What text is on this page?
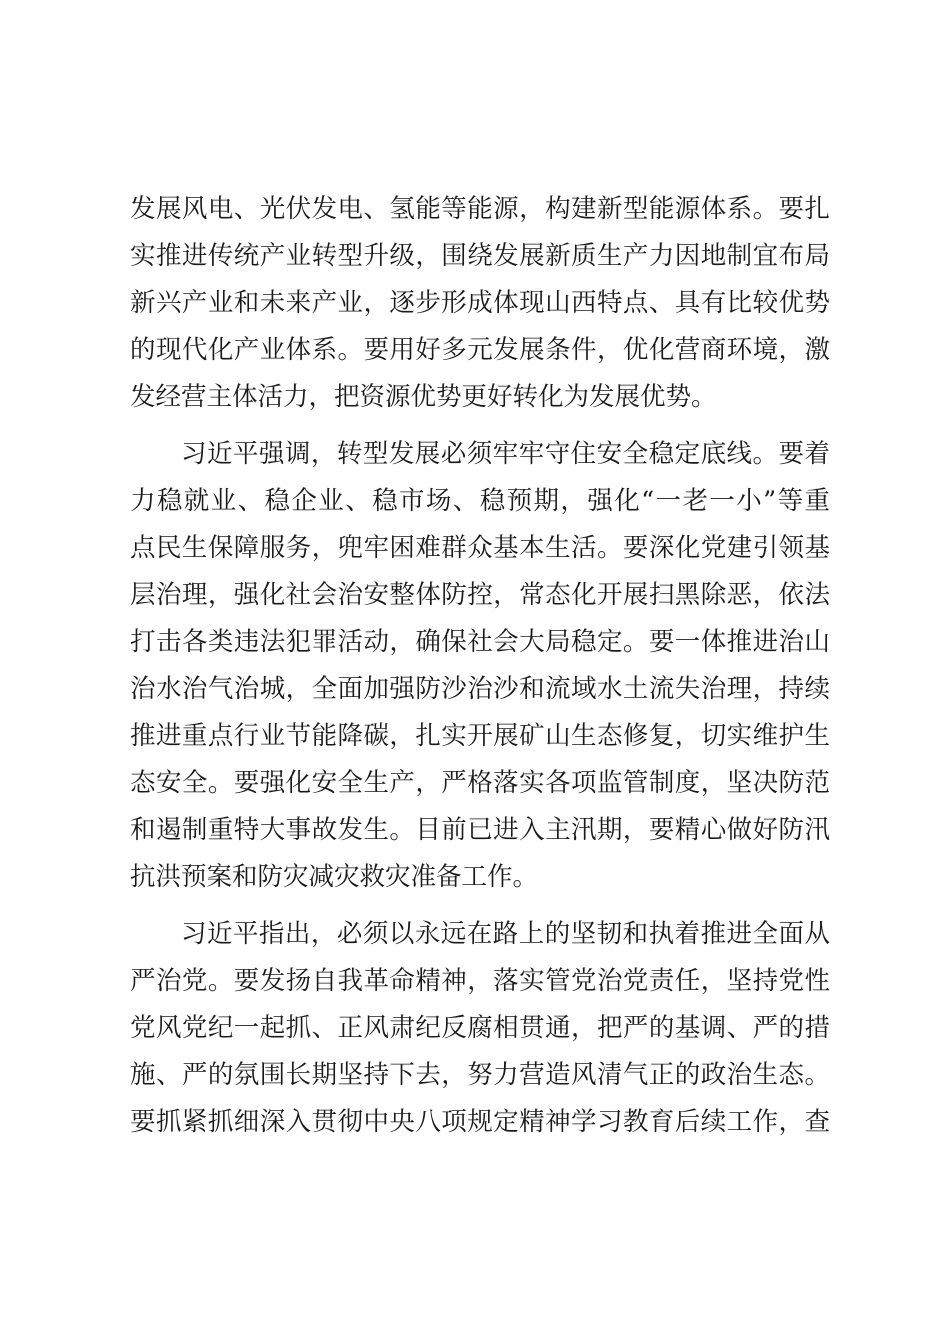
发展风电、光伏发电、氢能等能源，构建新型能源体系。要扎
实推进传统产业转型升级，围绕发展新质生产力因地制宜布局
新兴产业和未来产业，逐步形成体现山西特点、具有比较优势
的现代化产业体系。要用好多元发展条件，优化营商环境，激
发经营主体活力，把资源优势更好转化为发展优势。
习近平强调，转型发展必须牢牢守住安全稳定底线。要着
力稳就业、稳企业、稳市场、稳预期，强化“一老一小”等重
点民生保障服务，兜牢困难群众基本生活。要深化党建引领基
层治理，强化社会治安整体防控，常态化开展扫黑除恶，依法
打击各类违法犯罪活动，确保社会大局稳定。要一体推进治山
治水治气治城，全面加强防沙治沙和流域水土流失治理，持续
推进重点行业节能降碳，扎实开展矿山生态修复，切实维护生
态安全。要强化安全生产，严格落实各项监管制度，坚决防范
和遏制重特大事故发生。目前已进入主汛期，要精心做好防汛
抗洪预案和防灾减灾救灾准备工作。
习近平指出，必须以永远在路上的坚韧和执着推进全面从
严治党。要发扬自我革命精神，落实管党治党责任，坚持党性
党风党纪一起抓、正风肃纪反腐相贯通，把严的基调、严的措
施、严的氛围长期坚持下去，努力营造风清气正的政治生态。
要抓紧抓细深入贯彻中央八项规定精神学习教育后续工作，查
